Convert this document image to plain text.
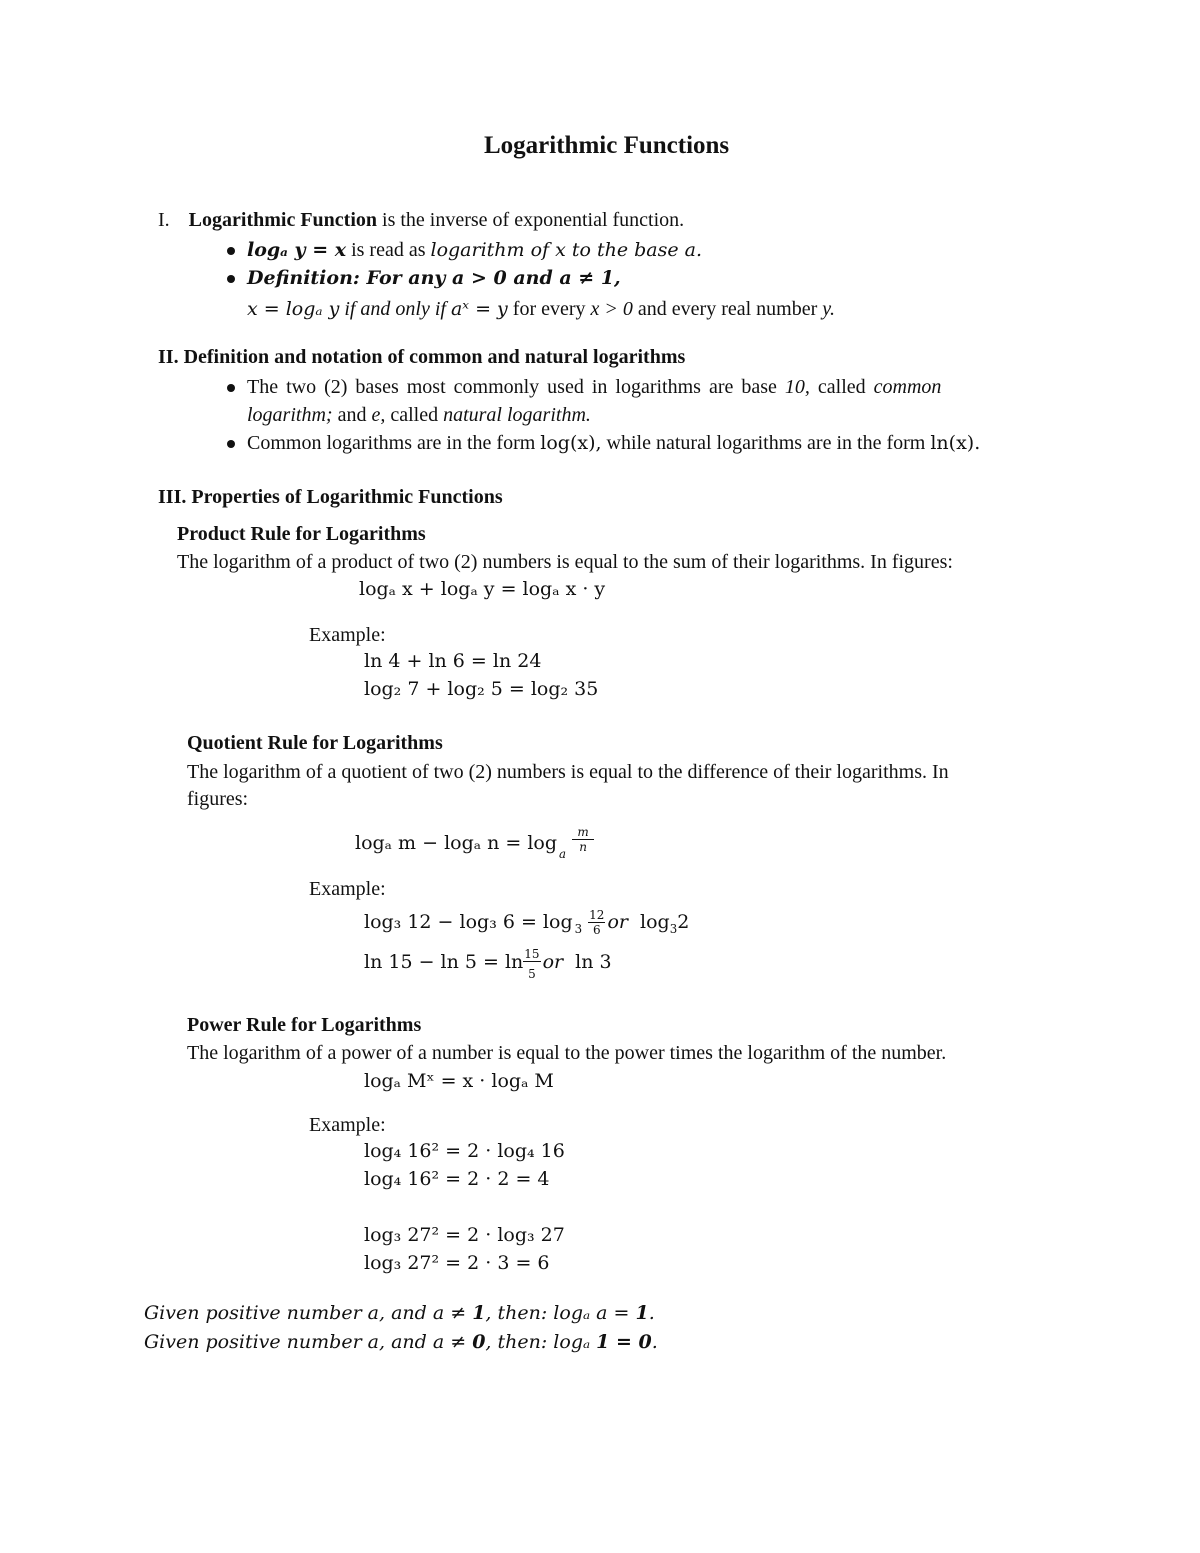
Logarithmic Functions
I. Logarithmic Function is the inverse of exponential function.
logₐ y = x is read as logarithm of x to the base a.
Definition: For any a > 0 and a ≠ 1,
x = logₐ y if and only if aˣ = y for every x > 0 and every real number y.
II. Definition and notation of common and natural logarithms
The two (2) bases most commonly used in logarithms are base 10, called common
logarithm; and e, called natural logarithm.
Common logarithms are in the form log(x), while natural logarithms are in the form ln(x).
III. Properties of Logarithmic Functions
Product Rule for Logarithms
The logarithm of a product of two (2) numbers is equal to the sum of their logarithms. In figures:
logₐ x + logₐ y = logₐ x · y
Example:
ln 4 + ln 6 = ln 24
log₂ 7 + log₂ 5 = log₂ 35
Quotient Rule for Logarithms
The logarithm of a quotient of two (2) numbers is equal to the difference of their logarithms. In
figures:
logₐ m − logₐ n = log $_a$
$\frac{m}{n}$
Example:
log₃ 12 − log₃ $6 = \log _3 \frac{12}{6}$ or $\log_32$
$\ln 15 - \ln 5 = \ln \frac{15}{5}$ or ln 3
Power Rule for Logarithms
The logarithm of a power of a number is equal to the power times the logarithm of the number.
logₐ Mˣ = x · logₐ M
Example:
log₄ 16² = 2 · log₄ 16
log₄ 16² = 2 · 2 = 4
log₃ 27² = 2 · log₃ 27
log₃ 27² = 2 · 3 = 6
Given positive number a, and a ≠ 1, then: logₐ a = 1.
Given positive number a, and a ≠ 0, then: logₐ 1 = 0.
